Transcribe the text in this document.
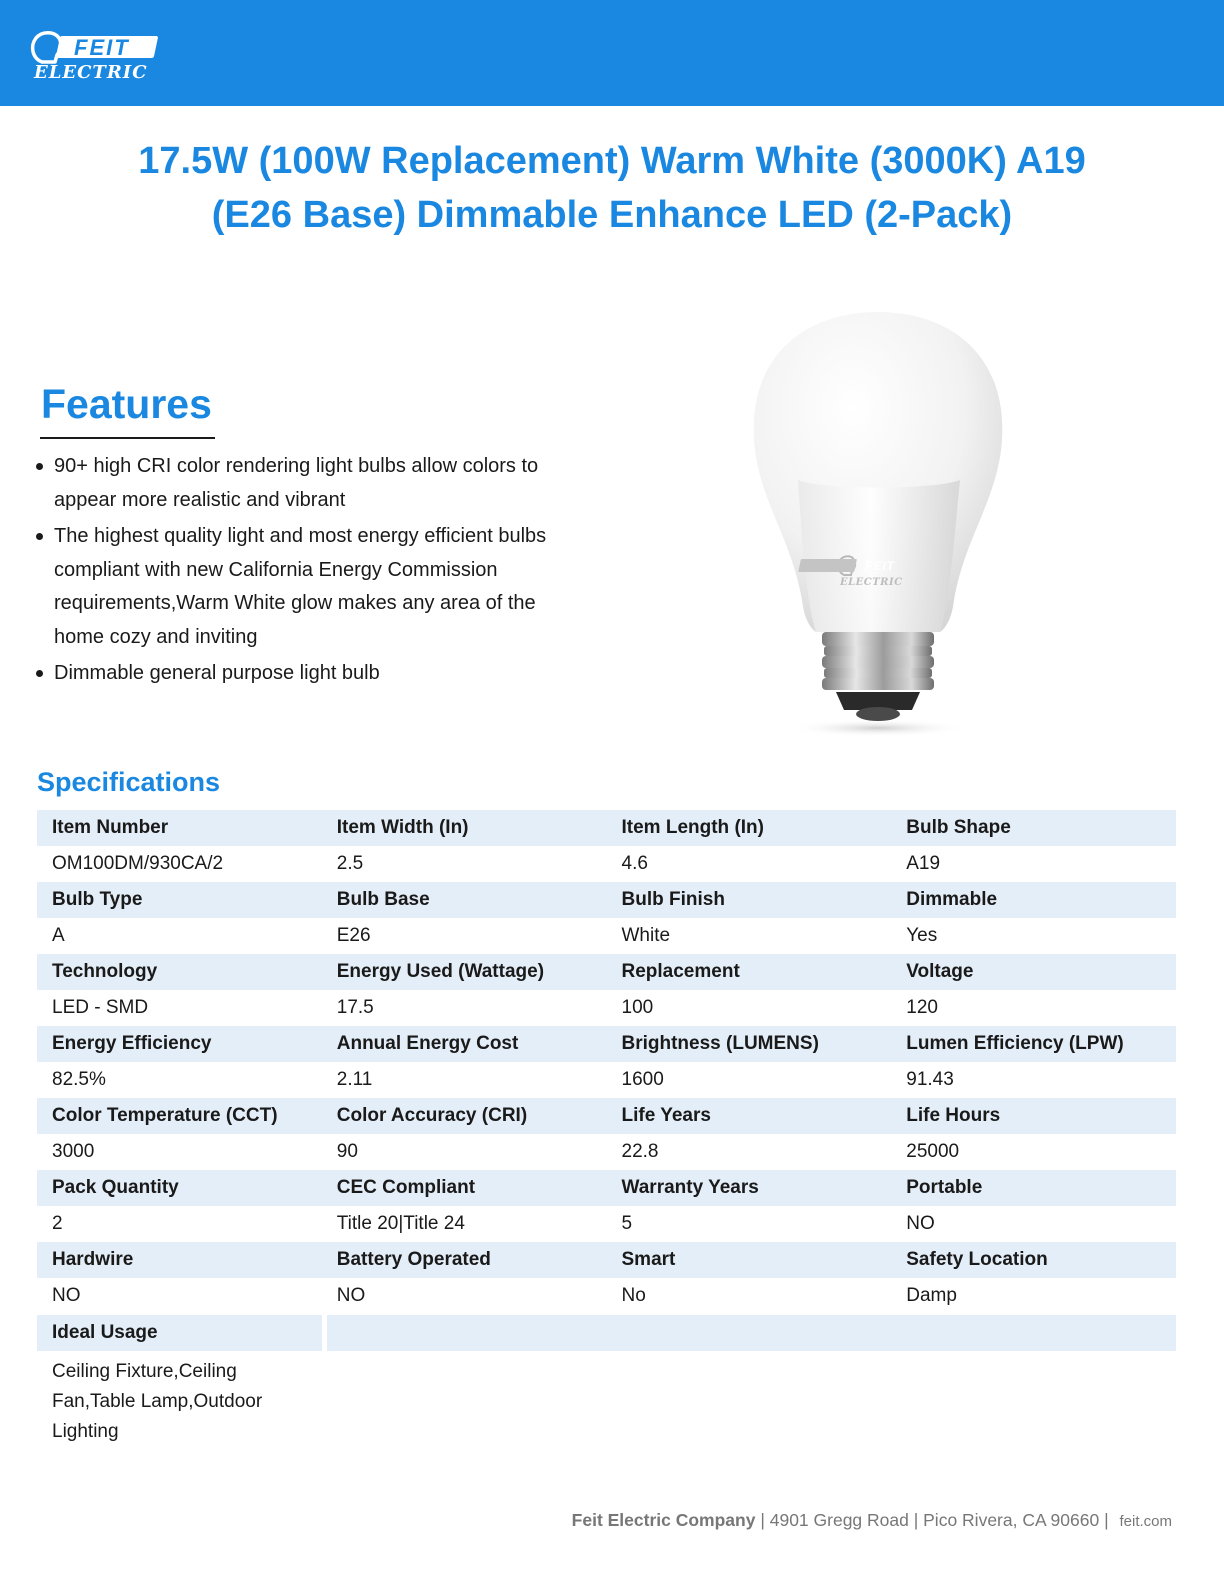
FEIT
ELECTRIC
17.5W (100W Replacement) Warm White (3000K) A19
(E26 Base) Dimmable Enhance LED (2-Pack)
Features
90+ high CRI color rendering light bulbs allow colors to appear more realistic and vibrant
The highest quality light and most energy efficient bulbs compliant with new California Energy Commission requirements,Warm White glow makes any area of the home cozy and inviting
Dimmable general purpose light bulb
FEIT
ELECTRIC
Specifications
Item Number	Item Width (In)	Item Length (In)	Bulb Shape
OM100DM/930CA/2	2.5	4.6	A19
Bulb Type	Bulb Base	Bulb Finish	Dimmable
A	E26	White	Yes
Technology	Energy Used (Wattage)	Replacement	Voltage
LED - SMD	17.5	100	120
Energy Efficiency	Annual Energy Cost	Brightness (LUMENS)	Lumen Efficiency (LPW)
82.5%	2.11	1600	91.43
Color Temperature (CCT)	Color Accuracy (CRI)	Life Years	Life Hours
3000	90	22.8	25000
Pack Quantity	CEC Compliant	Warranty Years	Portable
2	Title 20|Title 24	5	NO
Hardwire	Battery Operated	Smart	Safety Location
NO	NO	No	Damp
Ideal Usage
Ceiling Fixture,Ceiling Fan,Table Lamp,Outdoor Lighting
Feit Electric Company | 4901 Gregg Road | Pico Rivera, CA 90660 | feit.com
